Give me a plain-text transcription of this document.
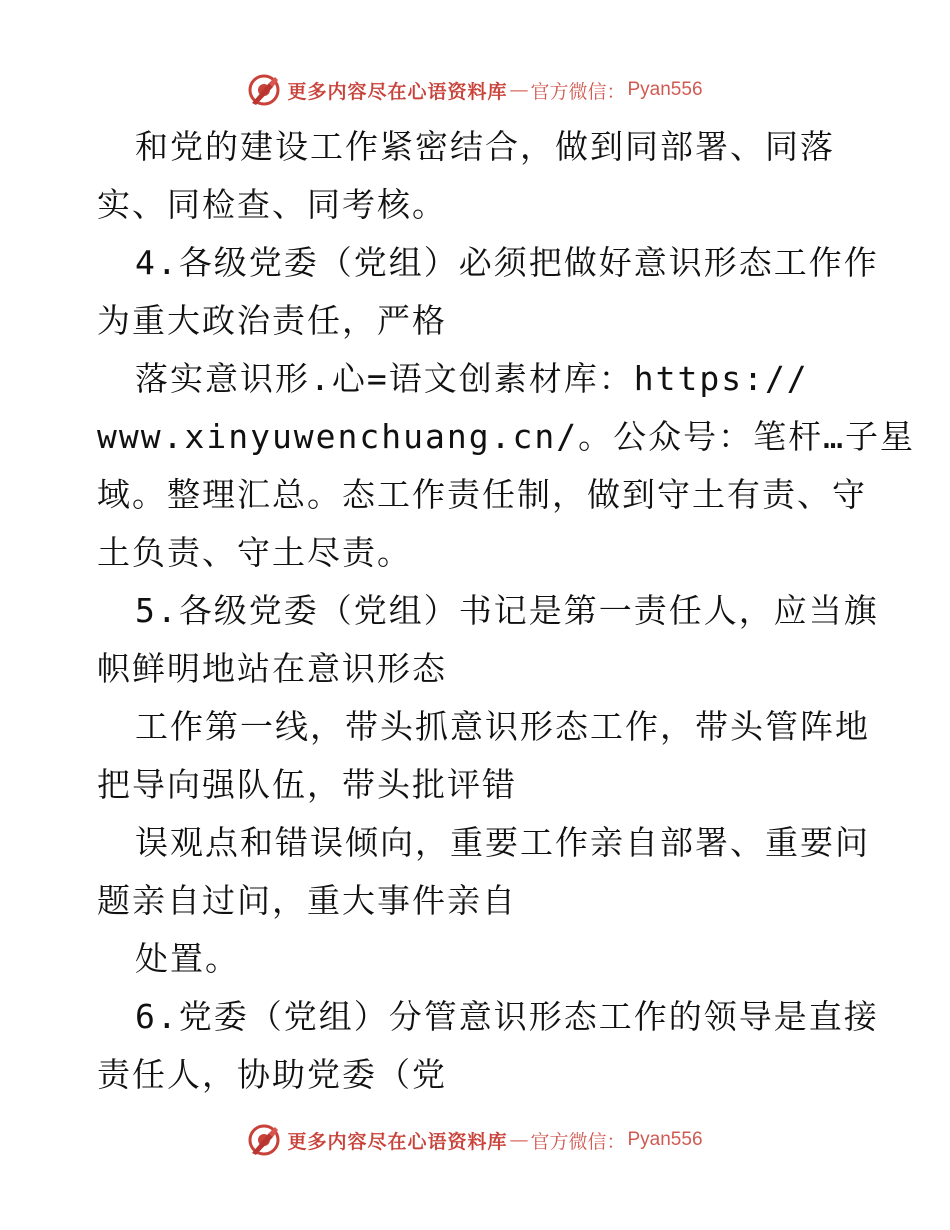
更多内容尽在心语资料库 — 官方微信： Pyan556
和党的建设工作紧密结合，做到同部署、同落
实、同检查、同考核。
4.各级党委（党组）必须把做好意识形态工作作
为重大政治责任，严格
落实意识形.心=语文创素材库：https://
www.xinyuwenchuang.cn/。公众号：笔杆…子星
域。整理汇总。态工作责任制，做到守土有责、守
土负责、守土尽责。
5.各级党委（党组）书记是第一责任人，应当旗
帜鲜明地站在意识形态
工作第一线，带头抓意识形态工作，带头管阵地
把导向强队伍，带头批评错
误观点和错误倾向，重要工作亲自部署、重要问
题亲自过问，重大事件亲自
处置。
6.党委（党组）分管意识形态工作的领导是直接
责任人，协助党委（党
更多内容尽在心语资料库 — 官方微信： Pyan556
